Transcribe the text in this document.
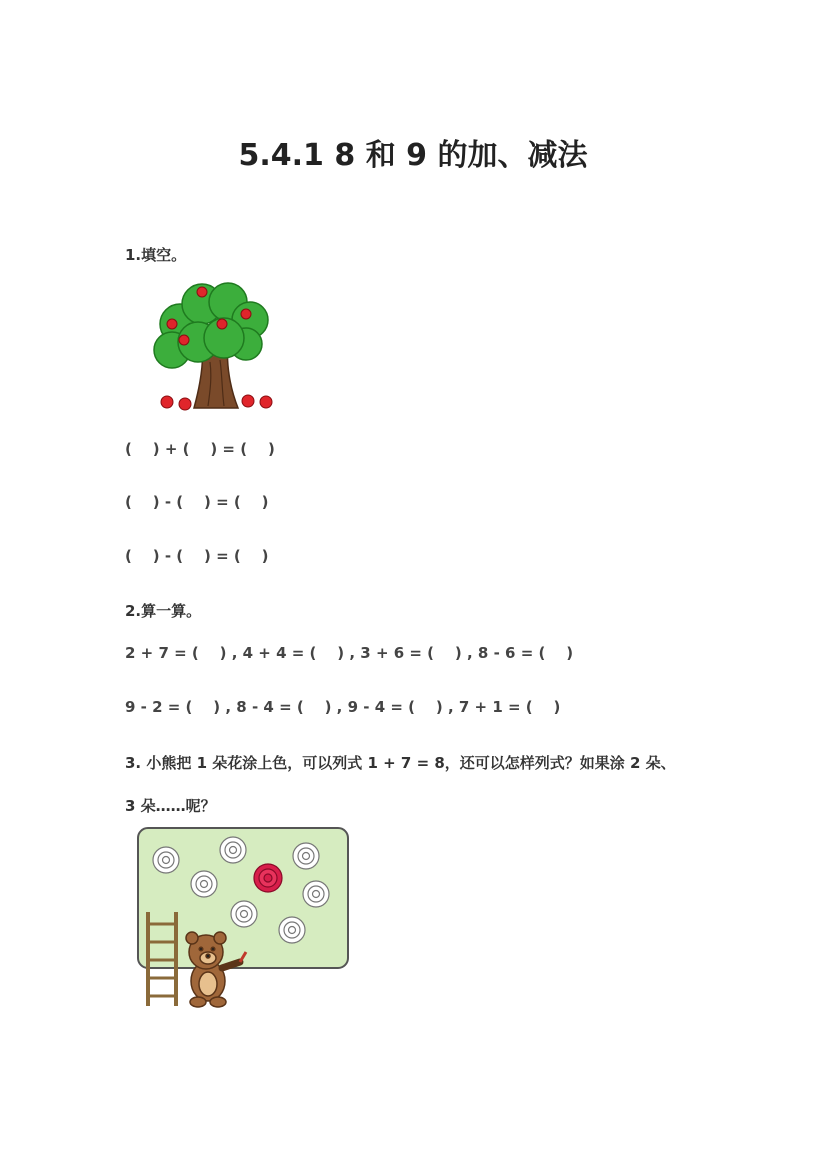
5.4.1 8 和 9 的加、减法
1.填空。
(    ) + (    ) = (    )
(    ) - (    ) = (    )
(    ) - (    ) = (    )
2.算一算。
2 + 7 = (    ) , 4 + 4 = (    ) , 3 + 6 = (    ) , 8 - 6 = (    )
9 - 2 = (    ) , 8 - 4 = (    ) , 9 - 4 = (    ) , 7 + 1 = (    )
3. 小熊把 1 朵花涂上色，可以列式 1 + 7 = 8，还可以怎样列式？如果涂 2 朵、
3 朵……呢？
